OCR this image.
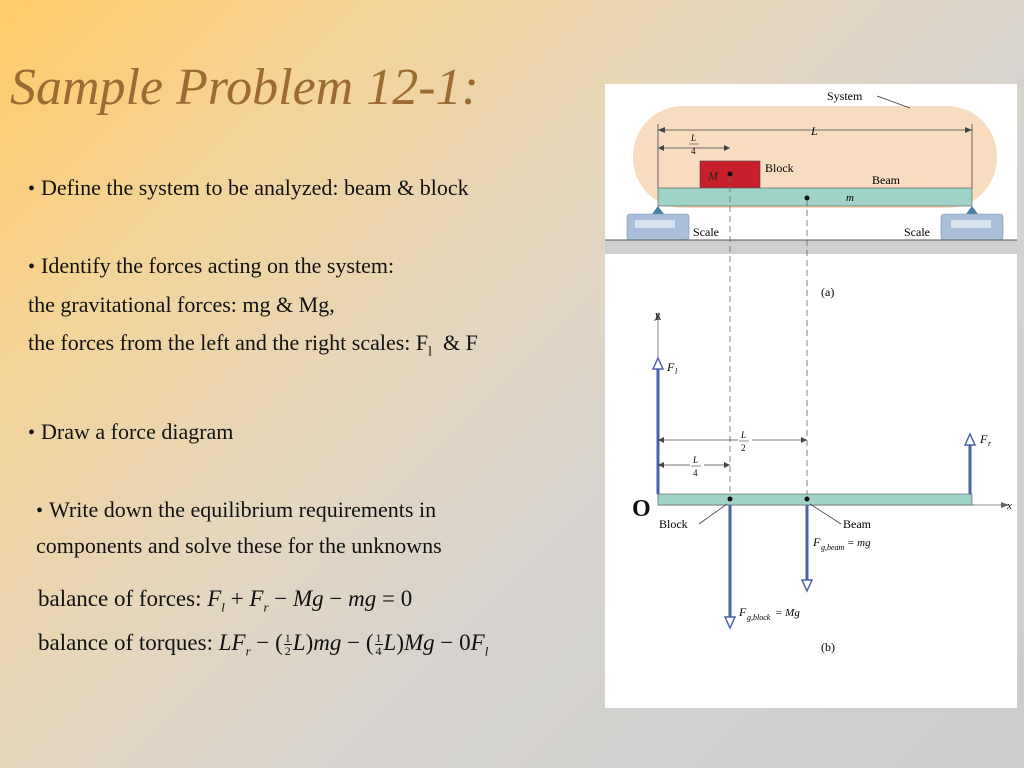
Sample Problem 12-1:
• Define the system to be analyzed: beam & block
• Identify the forces acting on the system:
the gravitational forces: mg & Mg,
the forces from the left and the right scales: $F_l$  & F
• Draw a force diagram
• Write down the equilibrium requirements in
components and solve these for the unknowns
balance of forces: $F_l + F_r - Mg$ − mg = 0
balance of torques: $LF_r$ − ( $\frac{1}{2} L)mg$ − ( $\frac{1}{4} L)Mg - 0F_l$
System
L
L
4
M
Block
Beam
m
Scale	Scale
(a)
y
x
F l
F r
L
2
L
4
Block	Beam
F g,beam = mg
F g,block = Mg
(b)
O
